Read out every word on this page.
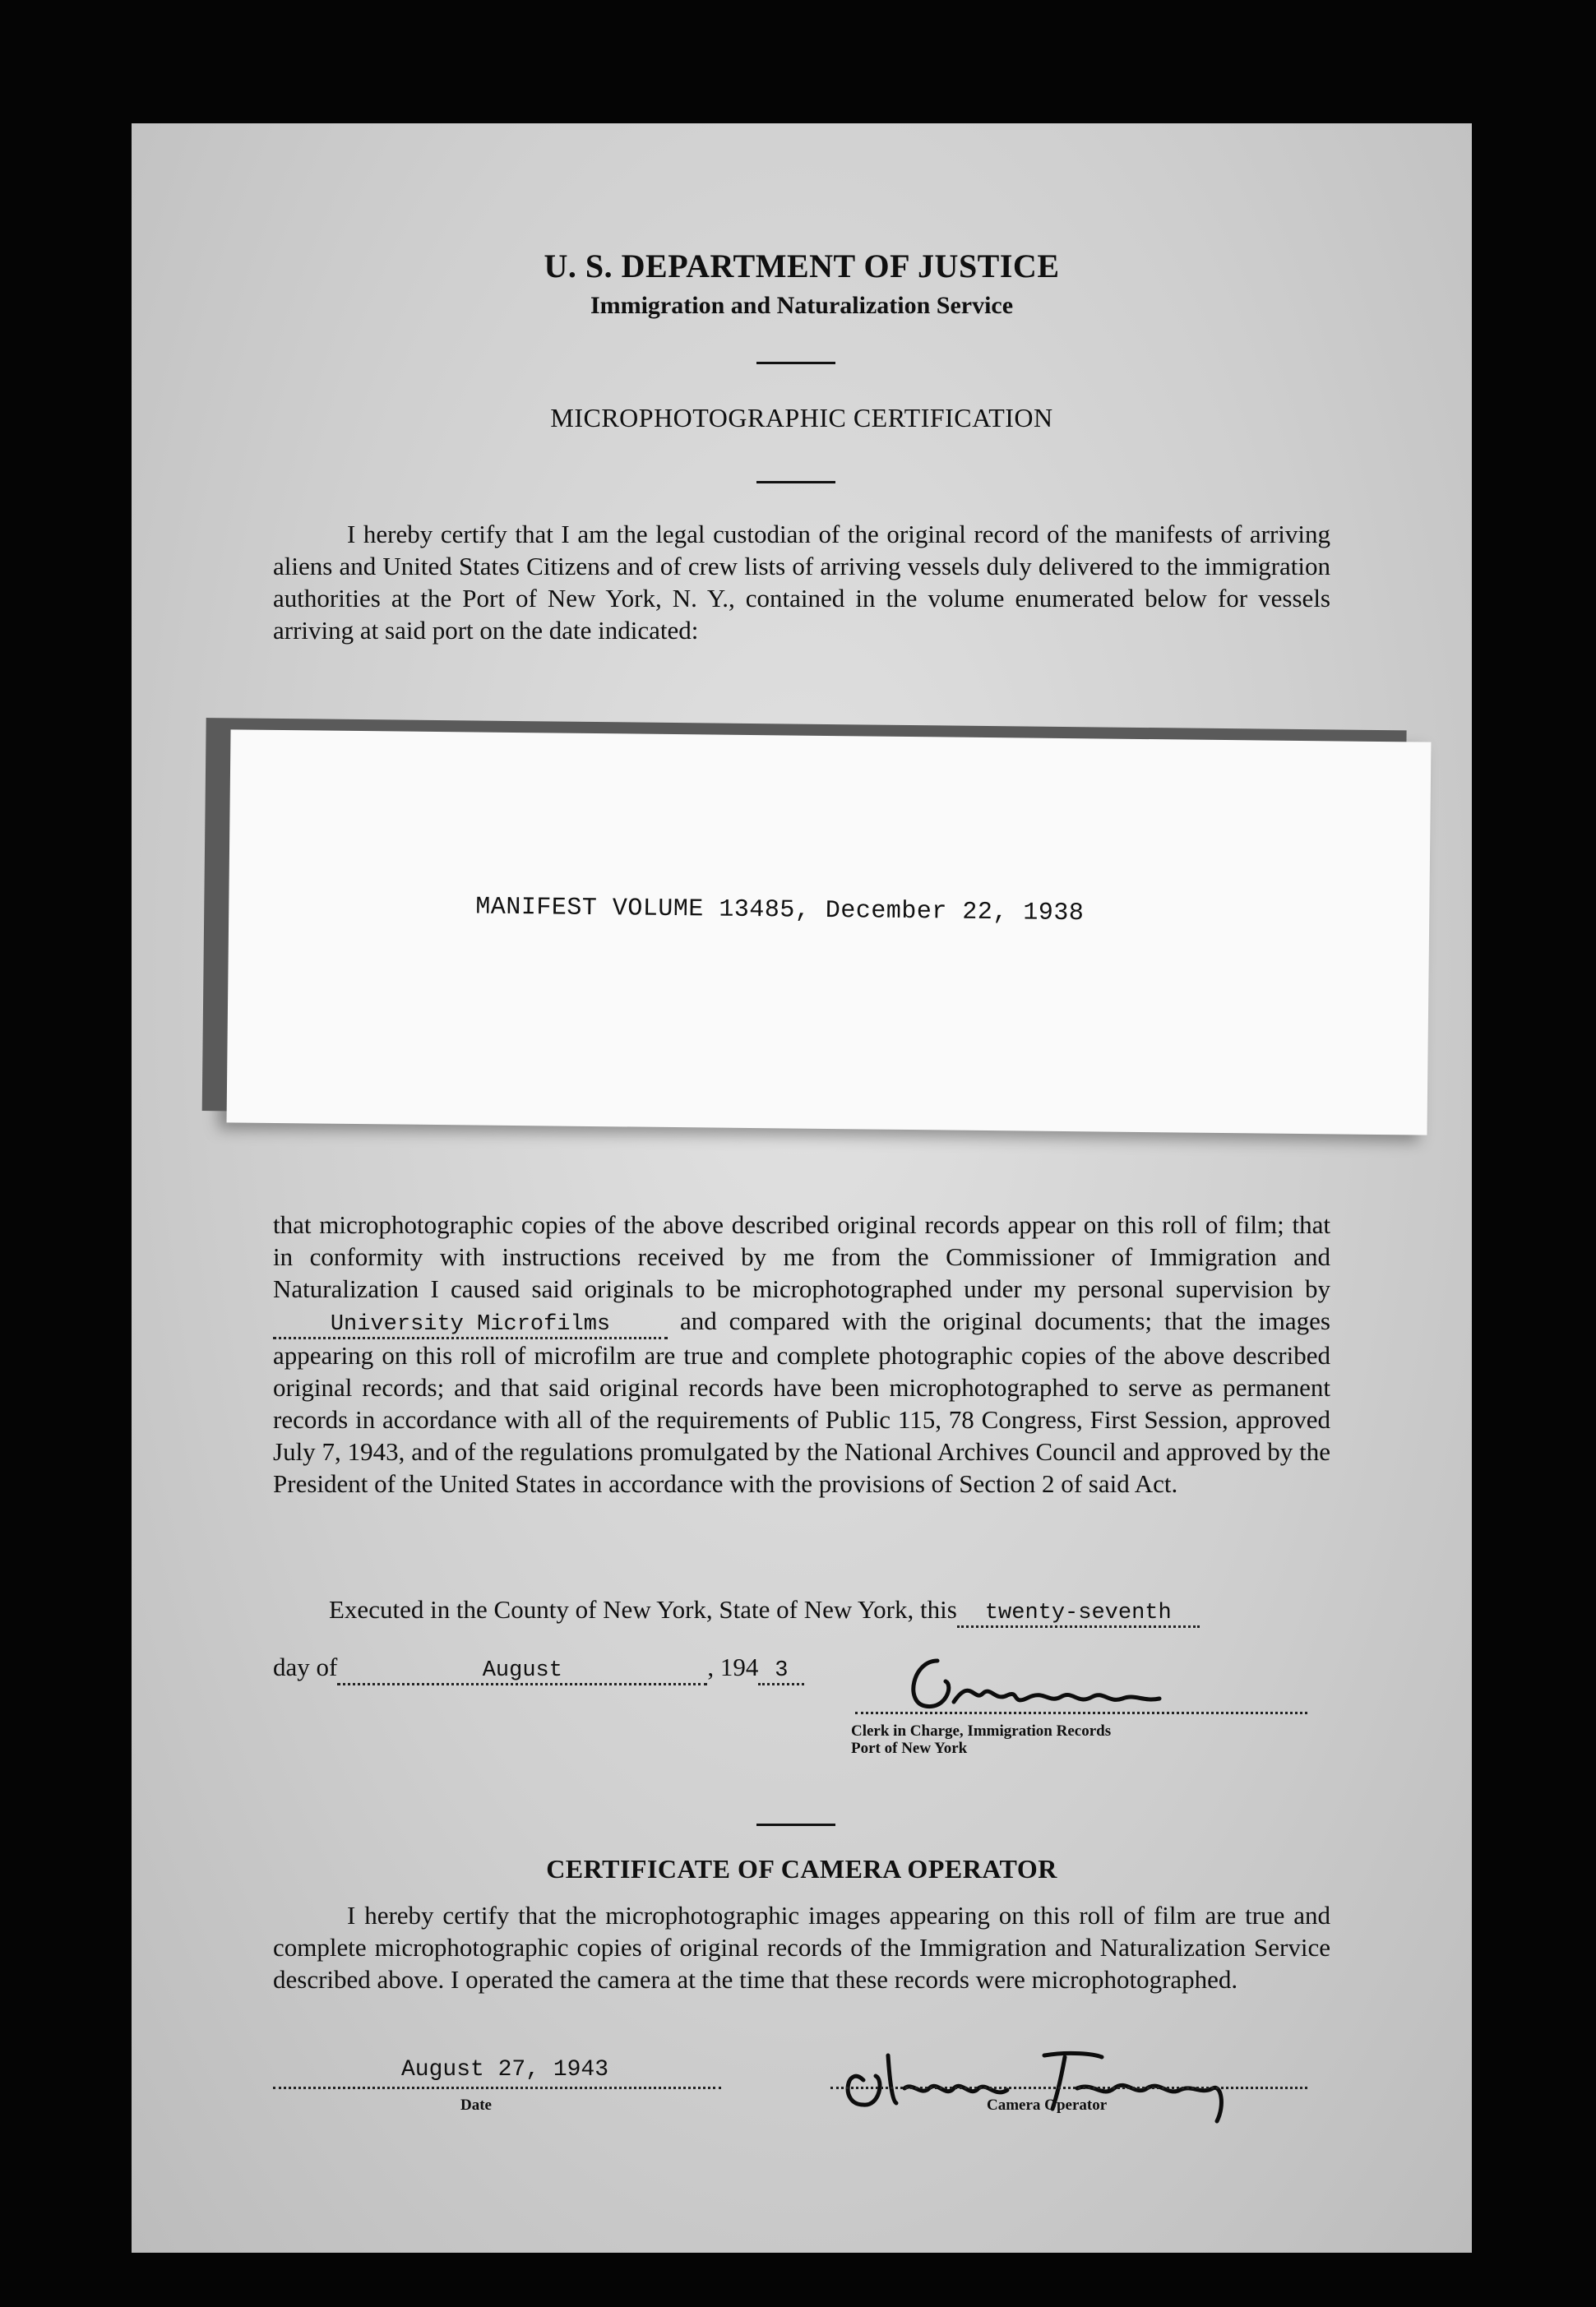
U. S. DEPARTMENT OF JUSTICE
Immigration and Naturalization Service
MICROPHOTOGRAPHIC CERTIFICATION
I hereby certify that I am the legal custodian of the original record of the manifests of arriving aliens and United States Citizens and of crew lists of arriving vessels duly delivered to the immigration authorities at the Port of New York, N. Y., contained in the volume enumerated below for vessels arriving at said port on the date indicated:
MANIFEST VOLUME 13485, December 22, 1938
that microphotographic copies of the above described original records appear on this roll of film; that in conformity with instructions received by me from the Commissioner of Immigration and Naturalization I caused said originals to be microphotographed under my personal supervision by University Microfilms	and compared with the original documents; that the images appearing on this roll of microfilm are true and complete photographic copies of the above described original records; and that said original records have been microphotographed to serve as permanent records in accordance with all of the requirements of Public 115, 78 Congress, First Session, approved July 7, 1943, and of the regulations promulgated by the National Archives Council and approved by the President of the United States in accordance with the provisions of Section 2 of said Act.
Executed in the County of New York, State of New York, this twenty-seventh
day of	August	, 194 3
Clerk in Charge, Immigration Records
Port of New York
CERTIFICATE OF CAMERA OPERATOR
I hereby certify that the microphotographic images appearing on this roll of film are true and complete microphotographic copies of original records of the Immigration and Naturalization Service described above. I operated the camera at the time that these records were microphotographed.
August 27, 1943
Date	Camera Operator
